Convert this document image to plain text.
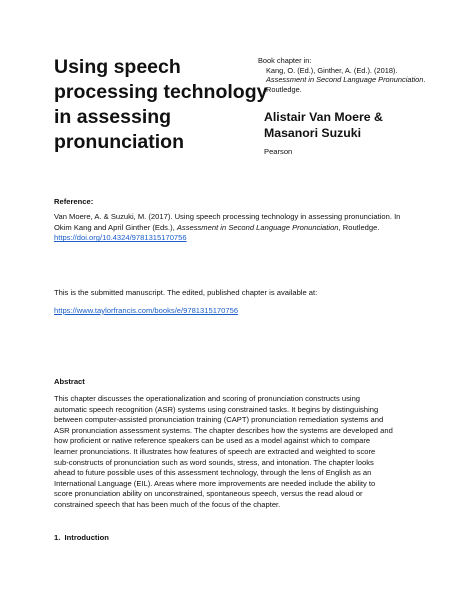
Using speech
processing technology
in assessing
pronunciation
Book chapter in:
Kang, O. (Ed.), Ginther, A. (Ed.). (2018).
Assessment in Second Language Pronunciation.
Routledge.
Alistair Van Moere &
Masanori Suzuki
Pearson
Reference:
Van Moere, A. & Suzuki, M. (2017). Using speech processing technology in assessing pronunciation. In
Okim Kang and April Ginther (Eds.), Assessment in Second Language Pronunciation, Routledge.
https://doi.org/10.4324/9781315170756
This is the submitted manuscript. The edited, published chapter is available at:
https://www.taylorfrancis.com/books/e/9781315170756
Abstract
This chapter discusses the operationalization and scoring of pronunciation constructs using
automatic speech recognition (ASR) systems using constrained tasks. It begins by distinguishing
between computer-assisted pronunciation training (CAPT) pronunciation remediation systems and
ASR pronunciation assessment systems. The chapter describes how the systems are developed and
how proficient or native reference speakers can be used as a model against which to compare
learner pronunciations. It illustrates how features of speech are extracted and weighted to score
sub-constructs of pronunciation such as word sounds, stress, and intonation. The chapter looks
ahead to future possible uses of this assessment technology, through the lens of English as an
International Language (EIL). Areas where more improvements are needed include the ability to
score pronunciation ability on unconstrained, spontaneous speech, versus the read aloud or
constrained speech that has been much of the focus of the chapter.
1.  Introduction
